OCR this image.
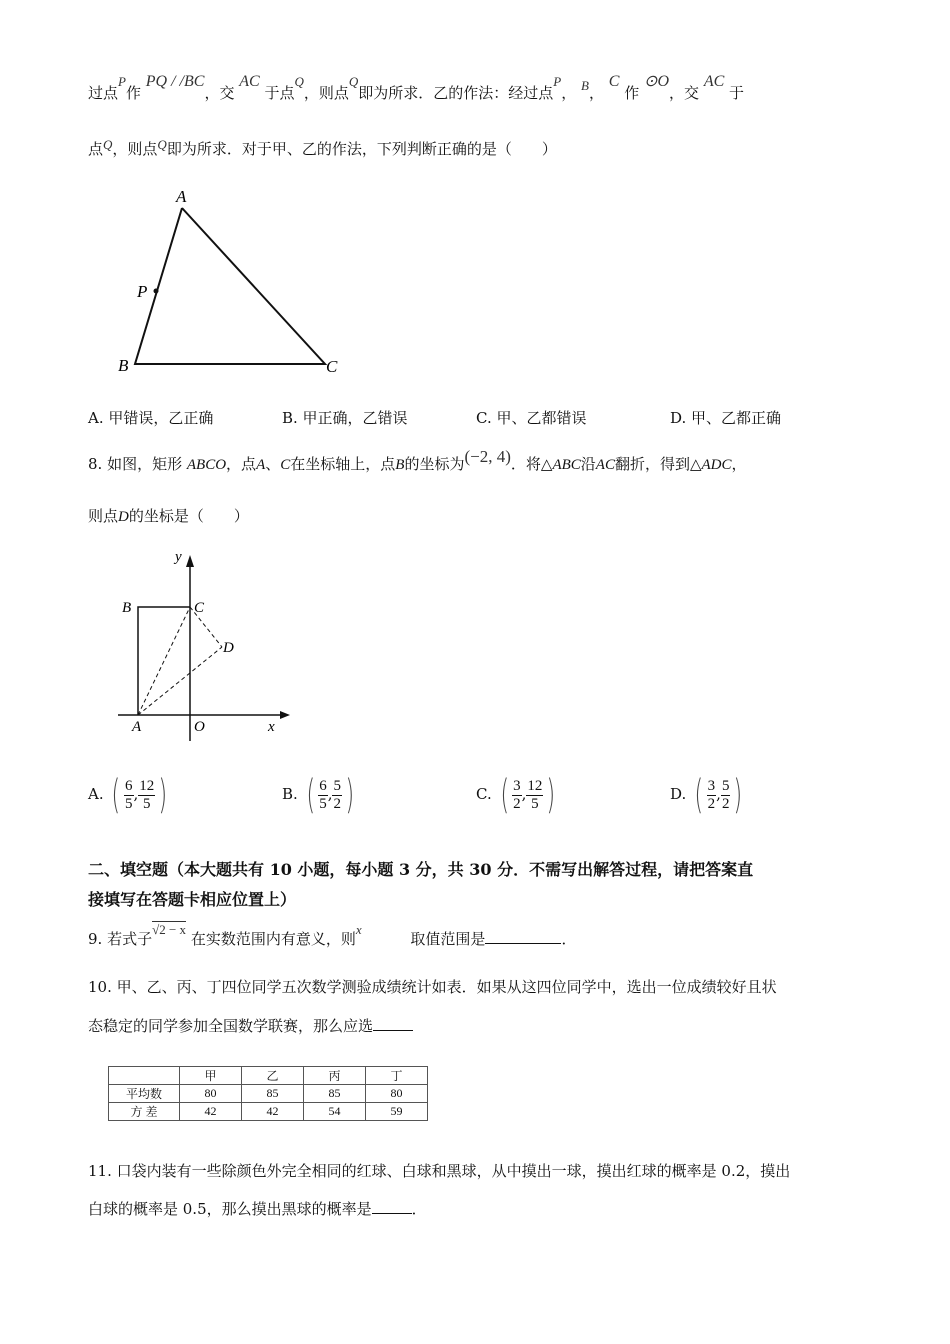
过点P作 PQ / /BC，交 AC 于点Q，则点Q即为所求．乙的作法：经过点P， B， C 作 ⊙O，交 AC 于
点Q，则点Q即为所求．对于甲、乙的作法，下列判断正确的是（　　）
A
P
B	C
A. 甲错误，乙正确	B. 甲正确，乙错误	C. 甲、乙都错误	D. 甲、乙都正确
8. 如图，矩形 ABCO，点A、C在坐标轴上，点B的坐标为(−2, 4)．将△ABC沿AC翻折，得到△ADC，
则点D的坐标是（　　）
y
B	C
D
A	O	x
A. ( $\frac{6}{5}$ , $\frac{12}{5}$ )	B. ( $\frac{6}{5}$ , $\frac{5}{2}$ )	C. ( $\frac{3}{2}$ , $\frac{12}{5}$ )	D. ( $\frac{3}{2}$ , $\frac{5}{2}$ )
二、填空题（本大题共有 10 小题，每小题 3 分，共 30 分．不需写出解答过程，请把答案直
接填写在答题卡相应位置上）
9. 若式子√2 − x 在实数范围内有意义，则x 取值范围是	．
10. 甲、乙、丙、丁四位同学五次数学测验成绩统计如表．如果从这四位同学中，选出一位成绩较好且状
态稳定的同学参加全国数学联赛，那么应选
	甲	乙	丙	丁
平均数	80	85	85	80
方 差	42	42	54	59
11. 口袋内装有一些除颜色外完全相同的红球、白球和黑球，从中摸出一球，摸出红球的概率是 0.2，摸出
白球的概率是 0.5，那么摸出黑球的概率是	．
